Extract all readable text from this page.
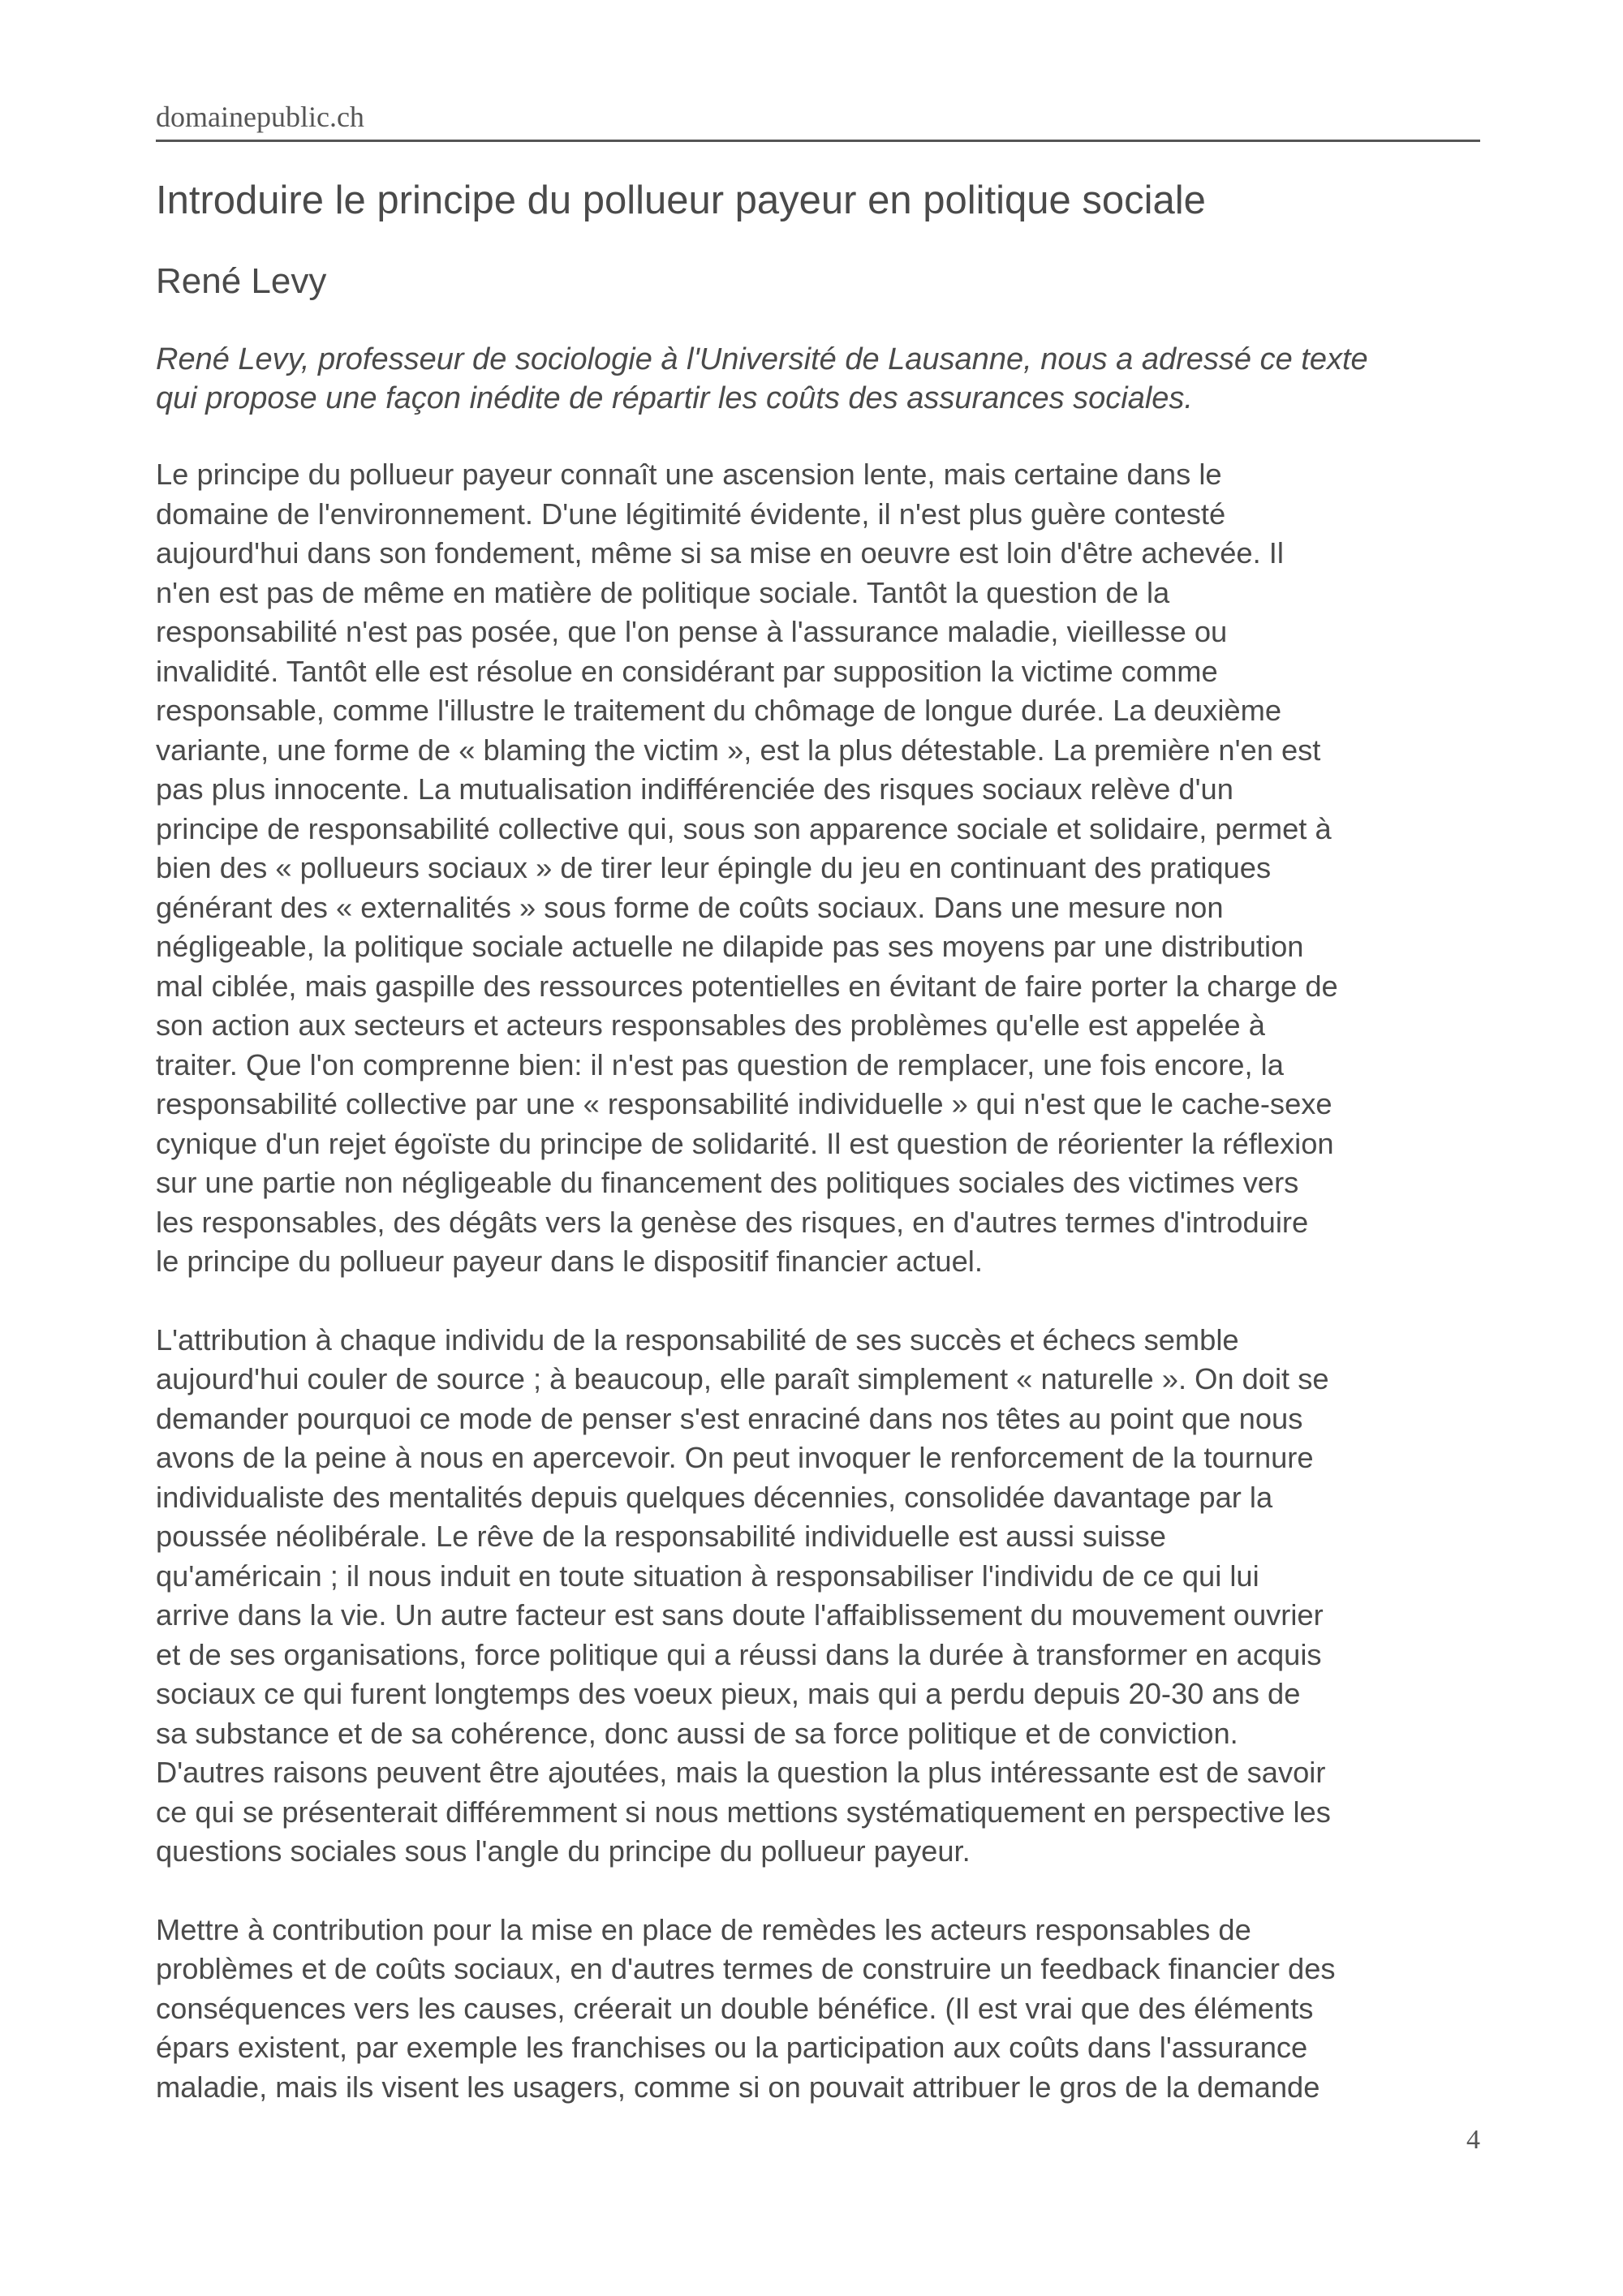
domainepublic.ch
Introduire le principe du pollueur payeur en politique sociale
René Levy
René Levy, professeur de sociologie à l'Université de Lausanne, nous a adressé ce texte
qui propose une façon inédite de répartir les coûts des assurances sociales.
Le principe du pollueur payeur connaît une ascension lente, mais certaine dans le
domaine de l'environnement. D'une légitimité évidente, il n'est plus guère contesté
aujourd'hui dans son fondement, même si sa mise en oeuvre est loin d'être achevée. Il
n'en est pas de même en matière de politique sociale. Tantôt la question de la
responsabilité n'est pas posée, que l'on pense à l'assurance maladie, vieillesse ou
invalidité. Tantôt elle est résolue en considérant par supposition la victime comme
responsable, comme l'illustre le traitement du chômage de longue durée. La deuxième
variante, une forme de « blaming the victim », est la plus détestable. La première n'en est
pas plus innocente. La mutualisation indifférenciée des risques sociaux relève d'un
principe de responsabilité collective qui, sous son apparence sociale et solidaire, permet à
bien des « pollueurs sociaux » de tirer leur épingle du jeu en continuant des pratiques
générant des « externalités » sous forme de coûts sociaux. Dans une mesure non
négligeable, la politique sociale actuelle ne dilapide pas ses moyens par une distribution
mal ciblée, mais gaspille des ressources potentielles en évitant de faire porter la charge de
son action aux secteurs et acteurs responsables des problèmes qu'elle est appelée à
traiter. Que l'on comprenne bien: il n'est pas question de remplacer, une fois encore, la
responsabilité collective par une « responsabilité individuelle » qui n'est que le cache-sexe
cynique d'un rejet égoïste du principe de solidarité. Il est question de réorienter la réflexion
sur une partie non négligeable du financement des politiques sociales des victimes vers
les responsables, des dégâts vers la genèse des risques, en d'autres termes d'introduire
le principe du pollueur payeur dans le dispositif financier actuel.
L'attribution à chaque individu de la responsabilité de ses succès et échecs semble
aujourd'hui couler de source ; à beaucoup, elle paraît simplement « naturelle ». On doit se
demander pourquoi ce mode de penser s'est enraciné dans nos têtes au point que nous
avons de la peine à nous en apercevoir. On peut invoquer le renforcement de la tournure
individualiste des mentalités depuis quelques décennies, consolidée davantage par la
poussée néolibérale. Le rêve de la responsabilité individuelle est aussi suisse
qu'américain ; il nous induit en toute situation à responsabiliser l'individu de ce qui lui
arrive dans la vie. Un autre facteur est sans doute l'affaiblissement du mouvement ouvrier
et de ses organisations, force politique qui a réussi dans la durée à transformer en acquis
sociaux ce qui furent longtemps des voeux pieux, mais qui a perdu depuis 20-30 ans de
sa substance et de sa cohérence, donc aussi de sa force politique et de conviction.
D'autres raisons peuvent être ajoutées, mais la question la plus intéressante est de savoir
ce qui se présenterait différemment si nous mettions systématiquement en perspective les
questions sociales sous l'angle du principe du pollueur payeur.
Mettre à contribution pour la mise en place de remèdes les acteurs responsables de
problèmes et de coûts sociaux, en d'autres termes de construire un feedback financier des
conséquences vers les causes, créerait un double bénéfice. (Il est vrai que des éléments
épars existent, par exemple les franchises ou la participation aux coûts dans l'assurance
maladie, mais ils visent les usagers, comme si on pouvait attribuer le gros de la demande
4
